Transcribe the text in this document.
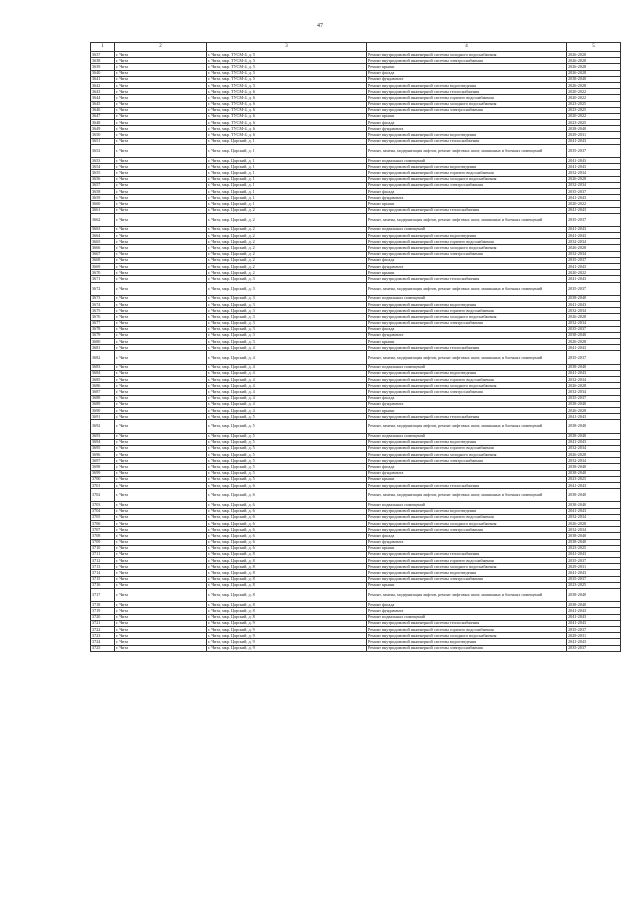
47
1	2	3	4	5
3637	г. Чита	г. Чита, мкр. ТУСМ-4, д. 5	Ремонт внутридомовой инженерной системы холодного водоснабжения	2026-2028
3638	г. Чита	г. Чита, мкр. ТУСМ-4, д. 5	Ремонт внутридомовой инженерной системы электроснабжения	2026-2028
3639	г. Чита	г. Чита, мкр. ТУСМ-4, д. 5	Ремонт крыши	2026-2028
3640	г. Чита	г. Чита, мкр. ТУСМ-4, д. 5	Ремонт фасада	2026-2028
3641	г. Чита	г. Чита, мкр. ТУСМ-4, д. 5	Ремонт фундамента	2038-2040
3642	г. Чита	г. Чита, мкр. ТУСМ-4, д. 5	Ремонт внутридомовой инженерной системы водоотведения	2026-2028
3643	г. Чита	г. Чита, мкр. ТУСМ-4, д. 6	Ремонт внутридомовой инженерной системы теплоснабжения	2020-2022
3644	г. Чита	г. Чита, мкр. ТУСМ-4, д. 6	Ремонт внутридомовой инженерной системы горячего водоснабжения	2020-2022
3645	г. Чита	г. Чита, мкр. ТУСМ-4, д. 6	Ремонт внутридомовой инженерной системы холодного водоснабжения	2023-2025
3646	г. Чита	г. Чита, мкр. ТУСМ-4, д. 6	Ремонт внутридомовой инженерной системы электроснабжения	2023-2025
3647	г. Чита	г. Чита, мкр. ТУСМ-4, д. 6	Ремонт крыши	2020-2022
3648	г. Чита	г. Чита, мкр. ТУСМ-4, д. 6	Ремонт фасада	2023-2025
3649	г. Чита	г. Чита, мкр. ТУСМ-4, д. 6	Ремонт фундамента	2038-2040
3650	г. Чита	г. Чита, мкр. ТУСМ-4, д. 6	Ремонт внутридомовой инженерной системы водоотведения	2029-2031
3651	г. Чита	г. Чита, мкр. Царский, д. 1	Ремонт внутридомовой инженерной системы теплоснабжения	2041-2043
3652	г. Чита	г. Чита, мкр. Царский, д. 1	Ремонт, замена, модернизация лифтов, ремонт лифтовых шахт, машинных и блочных помещений	2035-2037
3653	г. Чита	г. Чита, мкр. Царский, д. 1	Ремонт подвальных помещений	2041-2043
3654	г. Чита	г. Чита, мкр. Царский, д. 1	Ремонт внутридомовой инженерной системы водоотведения	2041-2043
3655	г. Чита	г. Чита, мкр. Царский, д. 1	Ремонт внутридомовой инженерной системы горячего водоснабжения	2032-2034
3656	г. Чита	г. Чита, мкр. Царский, д. 1	Ремонт внутридомовой инженерной системы холодного водоснабжения	2026-2028
3657	г. Чита	г. Чита, мкр. Царский, д. 1	Ремонт внутридомовой инженерной системы электроснабжения	2032-2034
3658	г. Чита	г. Чита, мкр. Царский, д. 1	Ремонт фасада	2035-2037
3659	г. Чита	г. Чита, мкр. Царский, д. 1	Ремонт фундамента	2041-2043
3660	г. Чита	г. Чита, мкр. Царский, д. 1	Ремонт крыши	2020-2022
3661	г. Чита	г. Чита, мкр. Царский, д. 2	Ремонт внутридомовой инженерной системы теплоснабжения	2041-2043
3662	г. Чита	г. Чита, мкр. Царский, д. 2	Ремонт, замена, модернизация лифтов, ремонт лифтовых шахт, машинных и блочных помещений	2035-2037
3663	г. Чита	г. Чита, мкр. Царский, д. 2	Ремонт подвальных помещений	2041-2043
3664	г. Чита	г. Чита, мкр. Царский, д. 2	Ремонт внутридомовой инженерной системы водоотведения	2041-2043
3665	г. Чита	г. Чита, мкр. Царский, д. 2	Ремонт внутридомовой инженерной системы горячего водоснабжения	2032-2034
3666	г. Чита	г. Чита, мкр. Царский, д. 2	Ремонт внутридомовой инженерной системы холодного водоснабжения	2026-2028
3667	г. Чита	г. Чита, мкр. Царский, д. 2	Ремонт внутридомовой инженерной системы электроснабжения	2032-2034
3668	г. Чита	г. Чита, мкр. Царский, д. 2	Ремонт фасада	2035-2037
3669	г. Чита	г. Чита, мкр. Царский, д. 2	Ремонт фундамента	2041-2043
3670	г. Чита	г. Чита, мкр. Царский, д. 2	Ремонт крыши	2020-2022
3671	г. Чита	г. Чита, мкр. Царский, д. 3	Ремонт внутридомовой инженерной системы теплоснабжения	2041-2043
3672	г. Чита	г. Чита, мкр. Царский, д. 3	Ремонт, замена, модернизация лифтов, ремонт лифтовых шахт, машинных и блочных помещений	2035-2037
3673	г. Чита	г. Чита, мкр. Царский, д. 3	Ремонт подвальных помещений	2038-2040
3674	г. Чита	г. Чита, мкр. Царский, д. 3	Ремонт внутридомовой инженерной системы водоотведения	2041-2043
3675	г. Чита	г. Чита, мкр. Царский, д. 3	Ремонт внутридомовой инженерной системы горячего водоснабжения	2032-2034
3676	г. Чита	г. Чита, мкр. Царский, д. 3	Ремонт внутридомовой инженерной системы холодного водоснабжения	2026-2028
3677	г. Чита	г. Чита, мкр. Царский, д. 3	Ремонт внутридомовой инженерной системы электроснабжения	2032-2034
3678	г. Чита	г. Чита, мкр. Царский, д. 3	Ремонт фасада	2035-2037
3679	г. Чита	г. Чита, мкр. Царский, д. 3	Ремонт фундамента	2038-2040
3680	г. Чита	г. Чита, мкр. Царский, д. 3	Ремонт крыши	2026-2028
3681	г. Чита	г. Чита, мкр. Царский, д. 4	Ремонт внутридомовой инженерной системы теплоснабжения	2041-2043
3682	г. Чита	г. Чита, мкр. Царский, д. 4	Ремонт, замена, модернизация лифтов, ремонт лифтовых шахт, машинных и блочных помещений	2035-2037
3683	г. Чита	г. Чита, мкр. Царский, д. 4	Ремонт подвальных помещений	2038-2040
3684	г. Чита	г. Чита, мкр. Царский, д. 4	Ремонт внутридомовой инженерной системы водоотведения	2041-2043
3685	г. Чита	г. Чита, мкр. Царский, д. 4	Ремонт внутридомовой инженерной системы горячего водоснабжения	2032-2034
3686	г. Чита	г. Чита, мкр. Царский, д. 4	Ремонт внутридомовой инженерной системы холодного водоснабжения	2026-2028
3687	г. Чита	г. Чита, мкр. Царский, д. 4	Ремонт внутридомовой инженерной системы электроснабжения	2032-2034
3688	г. Чита	г. Чита, мкр. Царский, д. 4	Ремонт фасада	2035-2037
3689	г. Чита	г. Чита, мкр. Царский, д. 4	Ремонт фундамента	2038-2040
3690	г. Чита	г. Чита, мкр. Царский, д. 4	Ремонт крыши	2026-2028
3691	г. Чита	г. Чита, мкр. Царский, д. 5	Ремонт внутридомовой инженерной системы теплоснабжения	2041-2043
3692	г. Чита	г. Чита, мкр. Царский, д. 5	Ремонт, замена, модернизация лифтов, ремонт лифтовых шахт, машинных и блочных помещений	2038-2040
3693	г. Чита	г. Чита, мкр. Царский, д. 5	Ремонт подвальных помещений	2038-2040
3694	г. Чита	г. Чита, мкр. Царский, д. 5	Ремонт внутридомовой инженерной системы водоотведения	2041-2043
3695	г. Чита	г. Чита, мкр. Царский, д. 5	Ремонт внутридомовой инженерной системы горячего водоснабжения	2032-2034
3696	г. Чита	г. Чита, мкр. Царский, д. 5	Ремонт внутридомовой инженерной системы холодного водоснабжения	2026-2028
3697	г. Чита	г. Чита, мкр. Царский, д. 5	Ремонт внутридомовой инженерной системы электроснабжения	2032-2034
3698	г. Чита	г. Чита, мкр. Царский, д. 5	Ремонт фасада	2038-2040
3699	г. Чита	г. Чита, мкр. Царский, д. 5	Ремонт фундамента	2038-2040
3700	г. Чита	г. Чита, мкр. Царский, д. 5	Ремонт крыши	2023-2025
3701	г. Чита	г. Чита, мкр. Царский, д. 6	Ремонт внутридомовой инженерной системы теплоснабжения	2041-2043
3702	г. Чита	г. Чита, мкр. Царский, д. 6	Ремонт, замена, модернизация лифтов, ремонт лифтовых шахт, машинных и блочных помещений	2038-2040
3703	г. Чита	г. Чита, мкр. Царский, д. 6	Ремонт подвальных помещений	2038-2040
3704	г. Чита	г. Чита, мкр. Царский, д. 6	Ремонт внутридомовой инженерной системы водоотведения	2041-2043
3705	г. Чита	г. Чита, мкр. Царский, д. 6	Ремонт внутридомовой инженерной системы горячего водоснабжения	2032-2034
3706	г. Чита	г. Чита, мкр. Царский, д. 6	Ремонт внутридомовой инженерной системы холодного водоснабжения	2026-2028
3707	г. Чита	г. Чита, мкр. Царский, д. 6	Ремонт внутридомовой инженерной системы электроснабжения	2032-2034
3708	г. Чита	г. Чита, мкр. Царский, д. 6	Ремонт фасада	2038-2040
3709	г. Чита	г. Чита, мкр. Царский, д. 6	Ремонт фундамента	2038-2040
3710	г. Чита	г. Чита, мкр. Царский, д. 6	Ремонт крыши	2023-2025
3711	г. Чита	г. Чита, мкр. Царский, д. 8	Ремонт внутридомовой инженерной системы теплоснабжения	2041-2043
3712	г. Чита	г. Чита, мкр. Царский, д. 8	Ремонт внутридомовой инженерной системы горячего водоснабжения	2035-2037
3713	г. Чита	г. Чита, мкр. Царский, д. 8	Ремонт внутридомовой инженерной системы холодного водоснабжения	2029-2031
3714	г. Чита	г. Чита, мкр. Царский, д. 8	Ремонт внутридомовой инженерной системы водоотведения	2041-2043
3715	г. Чита	г. Чита, мкр. Царский, д. 8	Ремонт внутридомовой инженерной системы электроснабжения	2035-2037
3716	г. Чита	г. Чита, мкр. Царский, д. 8	Ремонт крыши	2023-2025
3717	г. Чита	г. Чита, мкр. Царский, д. 8	Ремонт, замена, модернизация лифтов, ремонт лифтовых шахт, машинных и блочных помещений	2038-2040
3718	г. Чита	г. Чита, мкр. Царский, д. 8	Ремонт фасада	2038-2040
3719	г. Чита	г. Чита, мкр. Царский, д. 8	Ремонт фундамента	2041-2043
3720	г. Чита	г. Чита, мкр. Царский, д. 8	Ремонт подвальных помещений	2041-2043
3721	г. Чита	г. Чита, мкр. Царский, д. 9	Ремонт внутридомовой инженерной системы теплоснабжения	2041-2043
3722	г. Чита	г. Чита, мкр. Царский, д. 9	Ремонт внутридомовой инженерной системы горячего водоснабжения	2035-2037
3723	г. Чита	г. Чита, мкр. Царский, д. 9	Ремонт внутридомовой инженерной системы холодного водоснабжения	2029-2031
3724	г. Чита	г. Чита, мкр. Царский, д. 9	Ремонт внутридомовой инженерной системы водоотведения	2041-2043
3725	г. Чита	г. Чита, мкр. Царский, д. 9	Ремонт внутридомовой инженерной системы электроснабжения	2035-2037
